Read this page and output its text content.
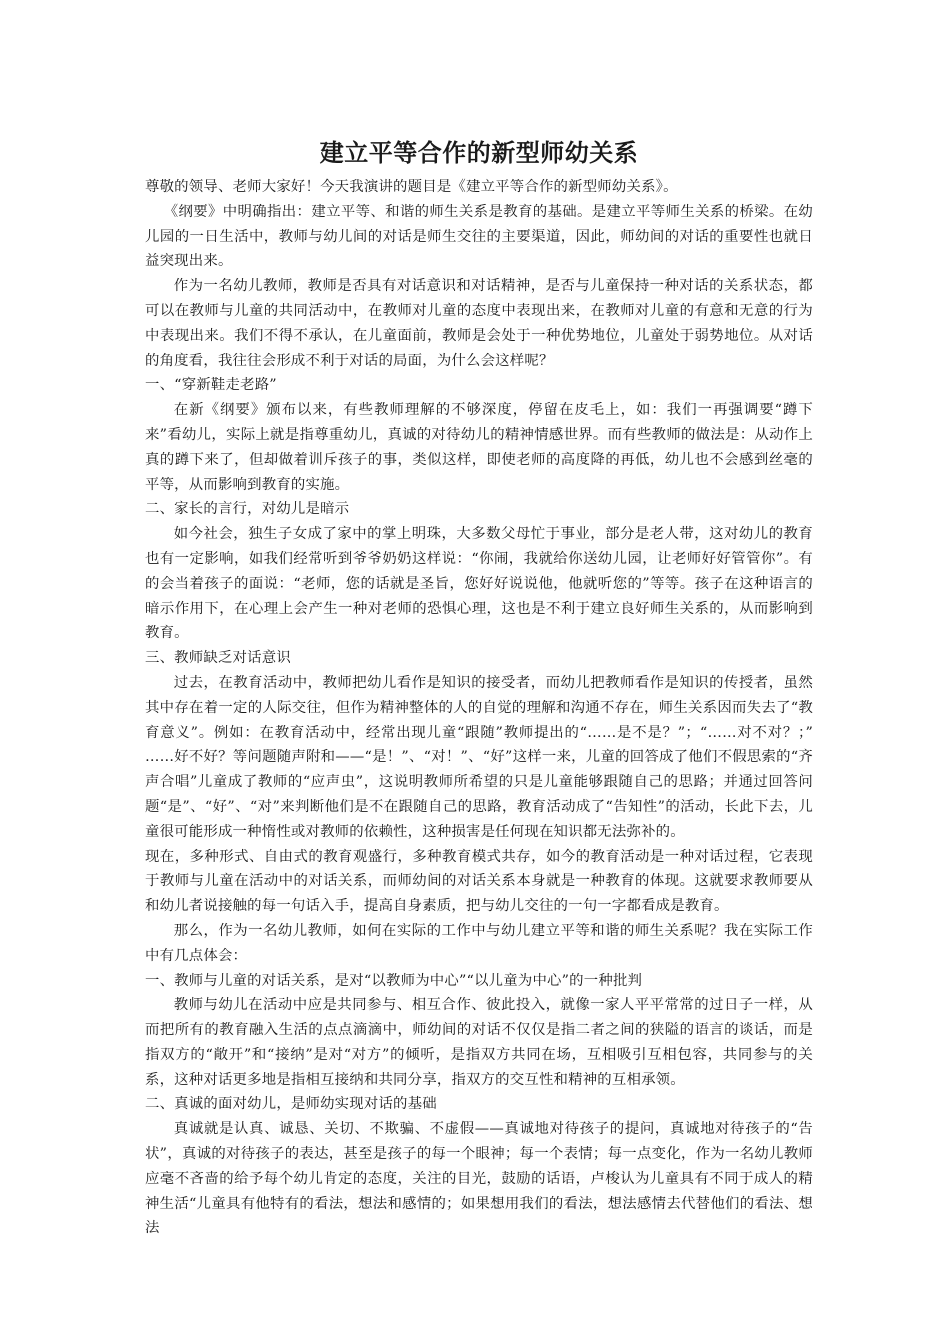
建立平等合作的新型师幼关系

尊敬的领导、老师大家好！今天我演讲的题目是《建立平等合作的新型师幼关系》。

《纲要》中明确指出：建立平等、和谐的师生关系是教育的基础。是建立平等师生关系的桥梁。在幼儿园的一日生活中，教师与幼儿间的对话是师生交往的主要渠道，因此，师幼间的对话的重要性也就日益突现出来。

作为一名幼儿教师，教师是否具有对话意识和对话精神，是否与儿童保持一种对话的关系状态，都可以在教师与儿童的共同活动中，在教师对儿童的态度中表现出来，在教师对儿童的有意和无意的行为中表现出来。我们不得不承认，在儿童面前，教师是会处于一种优势地位，儿童处于弱势地位。从对话的角度看，我往往会形成不利于对话的局面，为什么会这样呢？

一、“穿新鞋走老路”

在新《纲要》颁布以来，有些教师理解的不够深度，停留在皮毛上，如：我们一再强调要“蹲下来”看幼儿，实际上就是指尊重幼儿，真诚的对待幼儿的精神情感世界。而有些教师的做法是：从动作上真的蹲下来了，但却做着训斥孩子的事，类似这样，即使老师的高度降的再低，幼儿也不会感到丝毫的平等，从而影响到教育的实施。

二、家长的言行，对幼儿是暗示

如今社会，独生子女成了家中的掌上明珠，大多数父母忙于事业，部分是老人带，这对幼儿的教育也有一定影响，如我们经常听到爷爷奶奶这样说：“你闹，我就给你送幼儿园，让老师好好管管你”。有的会当着孩子的面说：“老师，您的话就是圣旨，您好好说说他，他就听您的”等等。孩子在这种语言的暗示作用下，在心理上会产生一种对老师的恐惧心理，这也是不利于建立良好师生关系的，从而影响到教育。

三、教师缺乏对话意识

过去，在教育活动中，教师把幼儿看作是知识的接受者，而幼儿把教师看作是知识的传授者，虽然其中存在着一定的人际交往，但作为精神整体的人的自觉的理解和沟通不存在，师生关系因而失去了“教育意义”。例如：在教育活动中，经常出现儿童“跟随”教师提出的“……是不是？”；“……对不对？；” ……好不好？等问题随声附和——“是！”、“对！”、“好”这样一来，儿童的回答成了他们不假思索的“齐声合唱”儿童成了教师的“应声虫”，这说明教师所希望的只是儿童能够跟随自己的思路；并通过回答问题“是”、“好”、“对”来判断他们是不在跟随自己的思路，教育活动成了“告知性”的活动，长此下去，儿童很可能形成一种惰性或对教师的依赖性，这种损害是任何现在知识都无法弥补的。

现在，多种形式、自由式的教育观盛行，多种教育模式共存，如今的教育活动是一种对话过程，它表现于教师与儿童在活动中的对话关系，而师幼间的对话关系本身就是一种教育的体现。这就要求教师要从和幼儿者说接触的每一句话入手，提高自身素质，把与幼儿交往的一句一字都看成是教育。

那么，作为一名幼儿教师，如何在实际的工作中与幼儿建立平等和谐的师生关系呢？我在实际工作中有几点体会：

一、教师与儿童的对话关系，是对“以教师为中心”“以儿童为中心”的一种批判

教师与幼儿在活动中应是共同参与、相互合作、彼此投入，就像一家人平平常常的过日子一样，从而把所有的教育融入生活的点点滴滴中，师幼间的对话不仅仅是指二者之间的狭隘的语言的谈话，而是指双方的“敞开”和“接纳”是对“对方”的倾听，是指双方共同在场，互相吸引互相包容，共同参与的关系，这种对话更多地是指相互接纳和共同分享，指双方的交互性和精神的互相承领。

二、真诚的面对幼儿，是师幼实现对话的基础

真诚就是认真、诚恳、关切、不欺骗、不虚假——真诚地对待孩子的提问，真诚地对待孩子的“告状”，真诚的对待孩子的表达，甚至是孩子的每一个眼神；每一个表情；每一点变化，作为一名幼儿教师应毫不吝啬的给予每个幼儿肯定的态度，关注的目光，鼓励的话语，卢梭认为儿童具有不同于成人的精神生活“儿童具有他特有的看法，想法和感情的；如果想用我们的看法，想法感情去代替他们的看法、想法
